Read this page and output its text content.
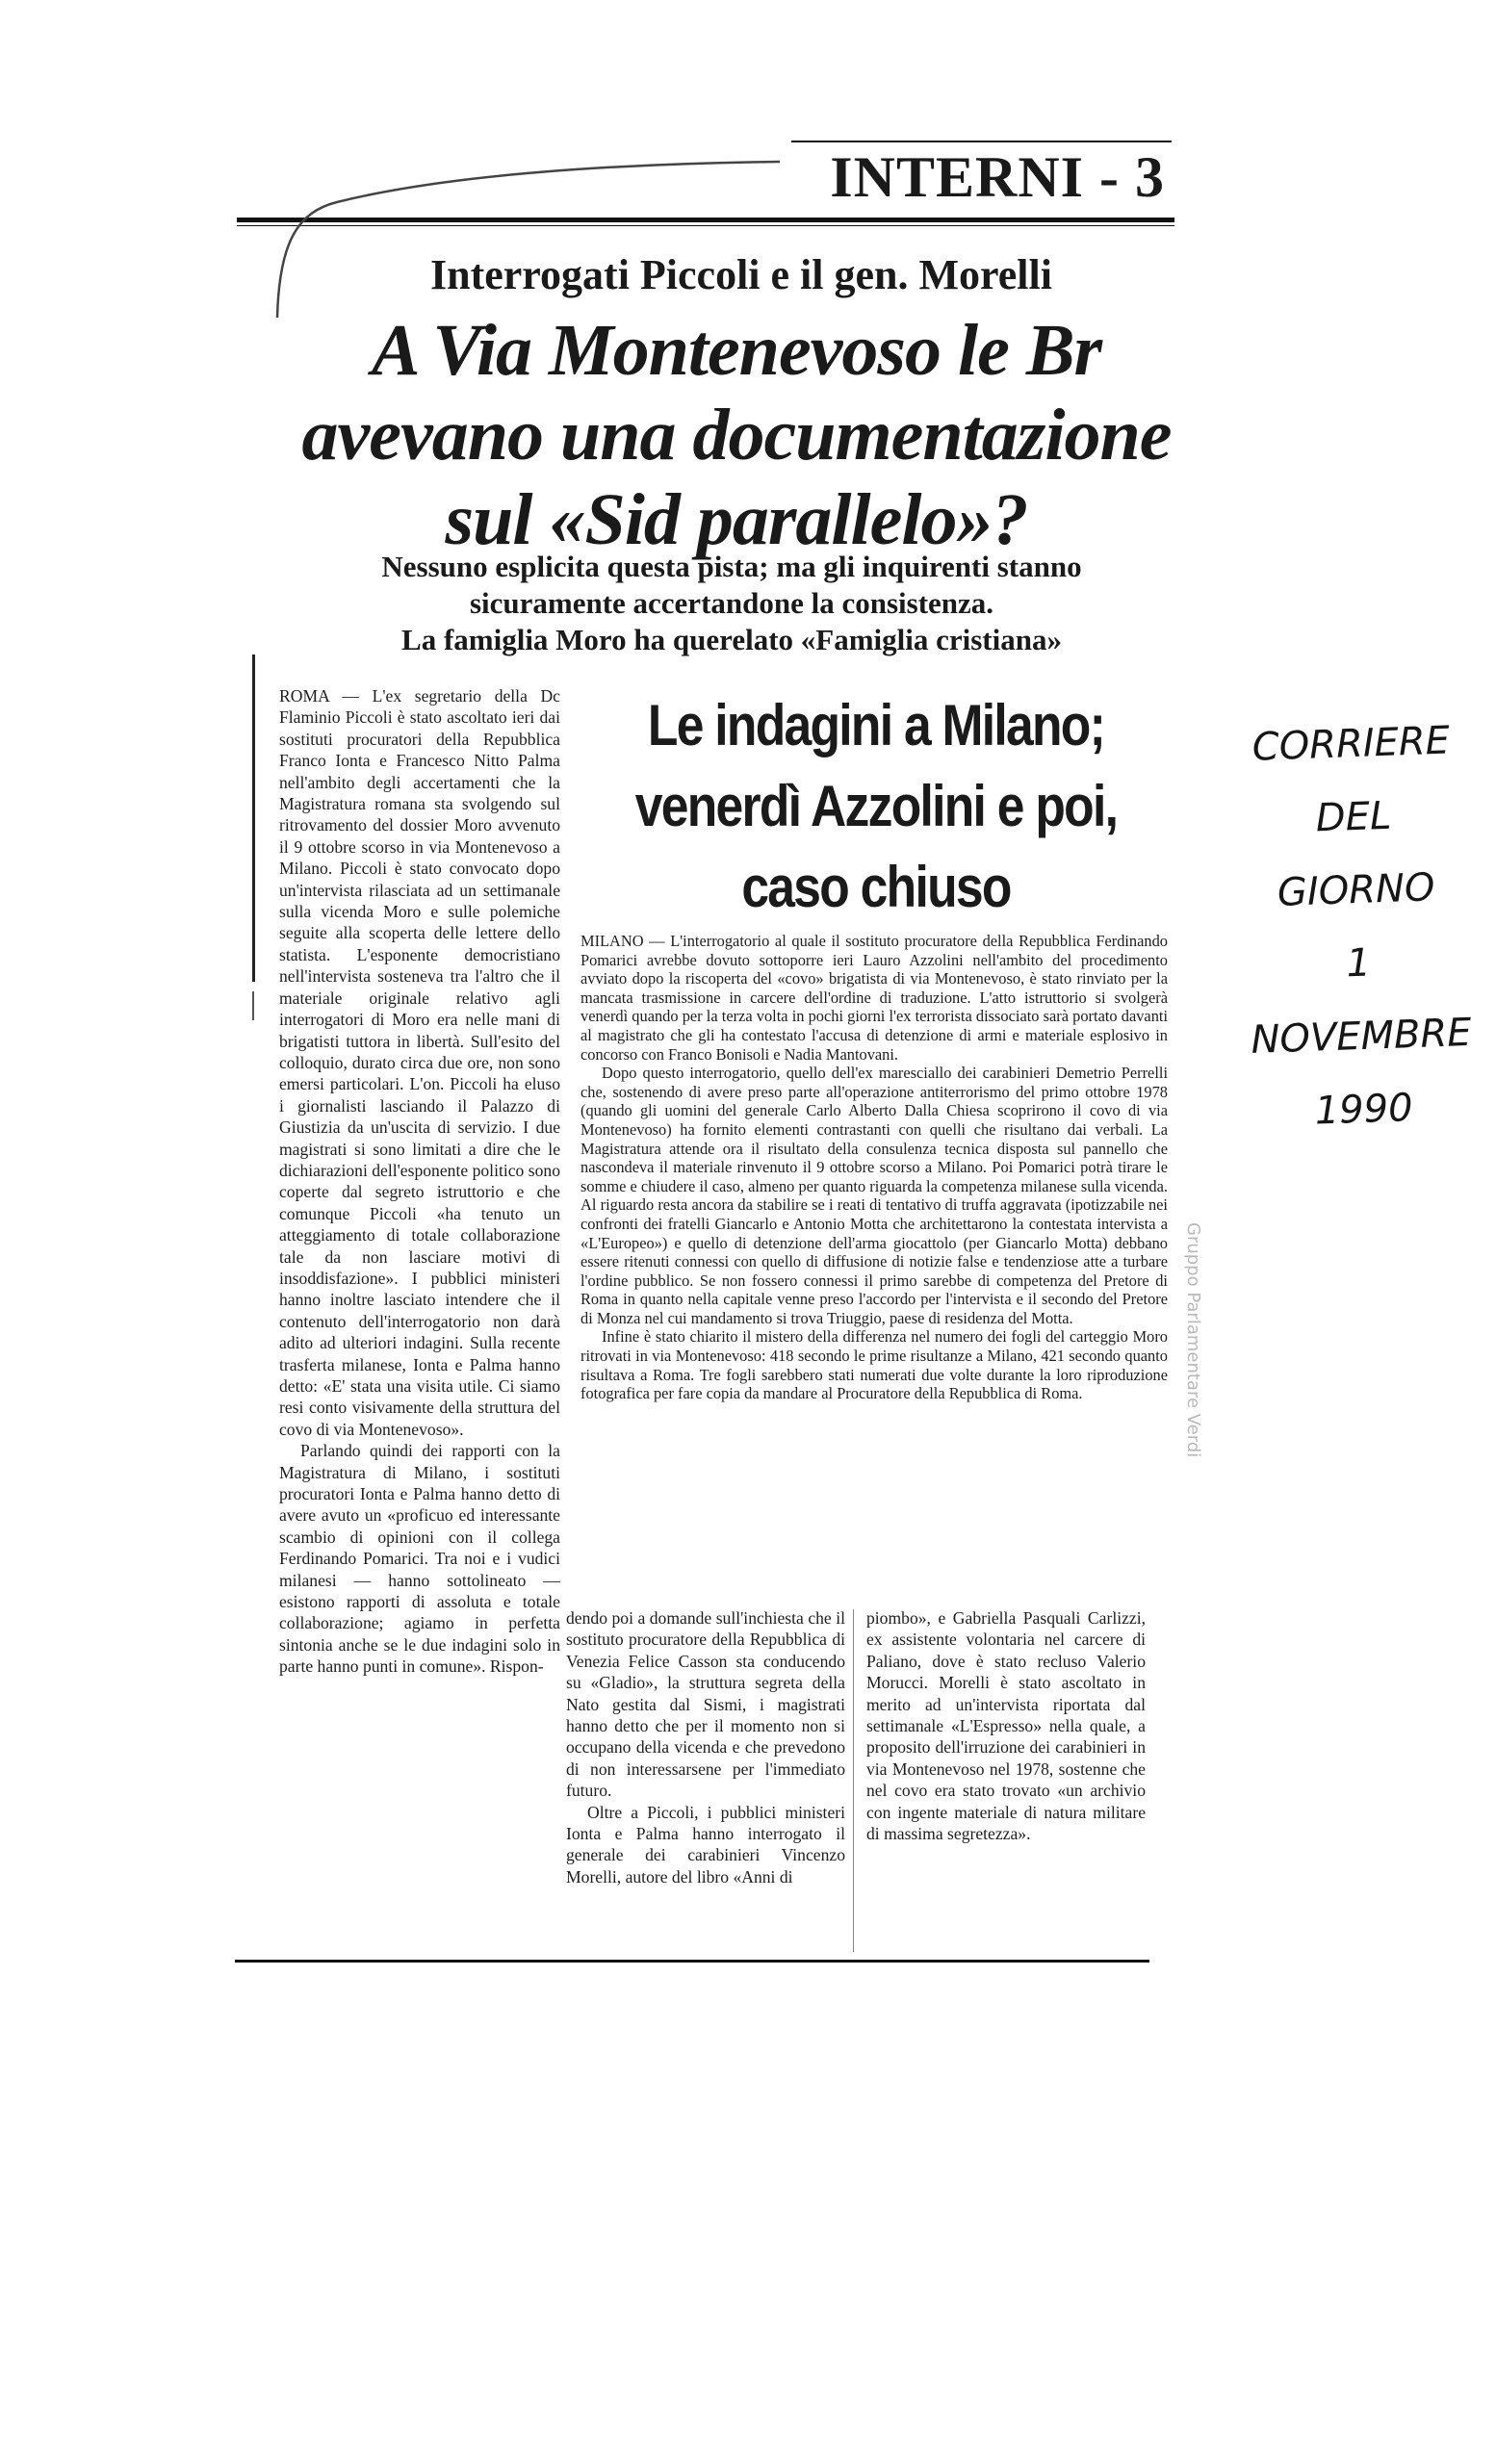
INTERNI - 3
Interrogati Piccoli e il gen. Morelli
A Via Montenevoso le Br avevano una documentazione sul «Sid parallelo»?
Nessuno esplicita questa pista; ma gli inquirenti stanno
sicuramente accertandone la consistenza.
La famiglia Moro ha querelato «Famiglia cristiana»

ROMA — L'ex segretario della Dc Flaminio Piccoli è stato ascoltato ieri dai sostituti procuratori della Repubblica Franco Ionta e Francesco Nitto Palma nell'ambito degli accertamenti che la Magistratura romana sta svolgendo sul ritrovamento del dossier Moro avvenuto il 9 ottobre scorso in via Montenevoso a Milano. Piccoli è stato convocato dopo un'intervista rilasciata ad un settimanale sulla vicenda Moro e sulle polemiche seguite alla scoperta delle lettere dello statista. L'esponente democristiano nell'intervista sosteneva tra l'altro che il materiale originale relativo agli interrogatori di Moro era nelle mani di brigatisti tuttora in libertà. Sull'esito del colloquio, durato circa due ore, non sono emersi particolari. L'on. Piccoli ha eluso i giornalisti lasciando il Palazzo di Giustizia da un'uscita di servizio. I due magistrati si sono limitati a dire che le dichiarazioni dell'esponente politico sono coperte dal segreto istruttorio e che comunque Piccoli «ha tenuto un atteggiamento di totale collaborazione tale da non lasciare motivi di insoddisfazione». I pubblici ministeri hanno inoltre lasciato intendere che il contenuto dell'interrogatorio non darà adito ad ulteriori indagini. Sulla recente trasferta milanese, Ionta e Palma hanno detto: «E' stata una visita utile. Ci siamo resi conto visivamente della struttura del covo di via Montenevoso».

Parlando quindi dei rapporti con la Magistratura di Milano, i sostituti procuratori Ionta e Palma hanno detto di avere avuto un «proficuo ed interessante scambio di opinioni con il collega Ferdinando Pomarici. Tra noi e i vudici milanesi — hanno sottolineato — esistono rapporti di assoluta e totale collaborazione; agiamo in perfetta sintonia anche se le due indagini solo in parte hanno punti in comune». Rispon-

Le indagini a Milano; venerdì Azzolini e poi, caso chiuso

MILANO — L'interrogatorio al quale il sostituto procuratore della Repubblica Ferdinando Pomarici avrebbe dovuto sottoporre ieri Lauro Azzolini nell'ambito del procedimento avviato dopo la riscoperta del «covo» brigatista di via Montenevoso, è stato rinviato per la mancata trasmissione in carcere dell'ordine di traduzione. L'atto istruttorio si svolgerà venerdì quando per la terza volta in pochi giorni l'ex terrorista dissociato sarà portato davanti al magistrato che gli ha contestato l'accusa di detenzione di armi e materiale esplosivo in concorso con Franco Bonisoli e Nadia Mantovani.

Dopo questo interrogatorio, quello dell'ex maresciallo dei carabinieri Demetrio Perrelli che, sostenendo di avere preso parte all'operazione antiterrorismo del primo ottobre 1978 (quando gli uomini del generale Carlo Alberto Dalla Chiesa scoprirono il covo di via Montenevoso) ha fornito elementi contrastanti con quelli che risultano dai verbali. La Magistratura attende ora il risultato della consulenza tecnica disposta sul pannello che nascondeva il materiale rinvenuto il 9 ottobre scorso a Milano. Poi Pomarici potrà tirare le somme e chiudere il caso, almeno per quanto riguarda la competenza milanese sulla vicenda. Al riguardo resta ancora da stabilire se i reati di tentativo di truffa aggravata (ipotizzabile nei confronti dei fratelli Giancarlo e Antonio Motta che architettarono la contestata intervista a «L'Europeo») e quello di detenzione dell'arma giocattolo (per Giancarlo Motta) debbano essere ritenuti connessi con quello di diffusione di notizie false e tendenziose atte a turbare l'ordine pubblico. Se non fossero connessi il primo sarebbe di competenza del Pretore di Roma in quanto nella capitale venne preso l'accordo per l'intervista e il secondo del Pretore di Monza nel cui mandamento si trova Triuggio, paese di residenza del Motta.

Infine è stato chiarito il mistero della differenza nel numero dei fogli del carteggio Moro ritrovati in via Montenevoso: 418 secondo le prime risultanze a Milano, 421 secondo quanto risultava a Roma. Tre fogli sarebbero stati numerati due volte durante la loro riproduzione fotografica per fare copia da mandare al Procuratore della Repubblica di Roma.

dendo poi a domande sull'inchiesta che il sostituto procuratore della Repubblica di Venezia Felice Casson sta conducendo su «Gladio», la struttura segreta della Nato gestita dal Sismi, i magistrati hanno detto che per il momento non si occupano della vicenda e che prevedono di non interessarsene per l'immediato futuro.

Oltre a Piccoli, i pubblici ministeri Ionta e Palma hanno interrogato il generale dei carabinieri Vincenzo Morelli, autore del libro «Anni di

piombo», e Gabriella Pasquali Carlizzi, ex assistente volontaria nel carcere di Paliano, dove è stato recluso Valerio Morucci. Morelli è stato ascoltato in merito ad un'intervista riportata dal settimanale «L'Espresso» nella quale, a proposito dell'irruzione dei carabinieri in via Montenevoso nel 1978, sostenne che nel covo era stato trovato «un archivio con ingente materiale di natura militare di massima segretezza».

CORRIERE
DEL
GIORNO
1
NOVEMBRE
1990
Gruppo Parlamentare Verdi
